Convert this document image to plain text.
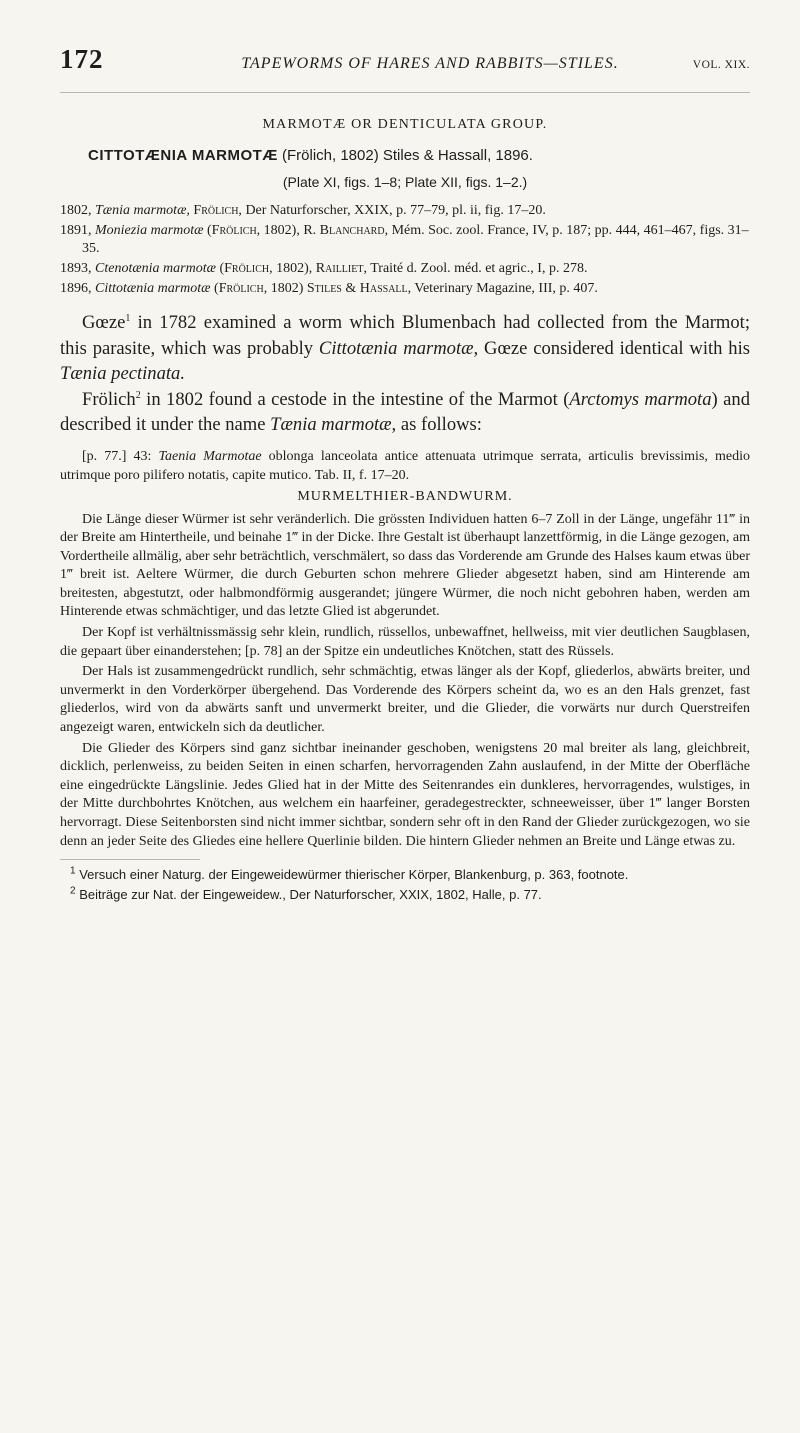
172	TAPEWORMS OF HARES AND RABBITS—STILES.	VOL. XIX.
MARMOTÆ OR DENTICULATA GROUP.
CITTOTÆNIA MARMOTÆ (Frölich, 1802) Stiles & Hassall, 1896.
(Plate XI, figs. 1–8; Plate XII, figs. 1–2.)

1802, Tænia marmotæ, Frölich, Der Naturforscher, XXIX, p. 77–79, pl. ii, fig. 17–20.

1891, Moniezia marmotæ (Frölich, 1802), R. Blanchard, Mém. Soc. zool. France, IV, p. 187; pp. 444, 461–467, figs. 31–35.

1893, Ctenotænia marmotæ (Frölich, 1802), Railliet, Traité d. Zool. méd. et agric., I, p. 278.

1896, Cittotænia marmotæ (Frölich, 1802) Stiles & Hassall, Veterinary Magazine, III, p. 407.

Gœze$^1$ in 1782 examined a worm which Blumenbach had collected from the Marmot; this parasite, which was probably Cittotænia marmotæ, Gœze considered identical with his Tænia pectinata.
Frölich$^2$ in 1802 found a cestode in the intestine of the Marmot (Arctomys marmota) and described it under the name Tænia marmotæ, as follows:

[p. 77.] 43: Taenia Marmotae oblonga lanceolata antice attenuata utrimque serrata, articulis brevissimis, medio utrimque poro pilifero notatis, capite mutico. Tab. II, f. 17–20.

MURMELTHIER-BANDWURM.

Die Länge dieser Würmer ist sehr veränderlich. Die grössten Individuen hatten 6–7 Zoll in der Länge, ungefähr 11‴ in der Breite am Hintertheile, und beinahe 1‴ in der Dicke. Ihre Gestalt ist überhaupt lanzettförmig, in die Länge gezogen, am Vordertheile allmälig, aber sehr beträchtlich, verschmälert, so dass das Vorderende am Grunde des Halses kaum etwas über 1‴ breit ist. Aeltere Würmer, die durch Geburten schon mehrere Glieder abgesetzt haben, sind am Hinterende am breitesten, abgestutzt, oder halbmondförmig ausgerandet; jüngere Würmer, die noch nicht gebohren haben, werden am Hinterende etwas schmächtiger, und das letzte Glied ist abgerundet.

Der Kopf ist verhältnissmässig sehr klein, rundlich, rüssellos, unbewaffnet, hellweiss, mit vier deutlichen Saugblasen, die gepaart über einanderstehen; [p. 78] an der Spitze ein undeutliches Knötchen, statt des Rüssels.

Der Hals ist zusammengedrückt rundlich, sehr schmächtig, etwas länger als der Kopf, gliederlos, abwärts breiter, und unvermerkt in den Vorderkörper übergehend. Das Vorderende des Körpers scheint da, wo es an den Hals grenzet, fast gliederlos, wird von da abwärts sanft und unvermerkt breiter, und die Glieder, die vorwärts nur durch Querstreifen angezeigt waren, entwickeln sich da deutlicher.

Die Glieder des Körpers sind ganz sichtbar ineinander geschoben, wenigstens 20 mal breiter als lang, gleichbreit, dicklich, perlenweiss, zu beiden Seiten in einen scharfen, hervorragenden Zahn auslaufend, in der Mitte der Oberfläche eine eingedrückte Längslinie. Jedes Glied hat in der Mitte des Seitenrandes ein dunkleres, hervorragendes, wulstiges, in der Mitte durchbohrtes Knötchen, aus welchem ein haarfeiner, geradegestreckter, schneeweisser, über 1‴ langer Borsten hervorragt. Diese Seitenborsten sind nicht immer sichtbar, sondern sehr oft in den Rand der Glieder zurückgezogen, wo sie denn an jeder Seite des Gliedes eine hellere Querlinie bilden. Die hintern Glieder nehmen an Breite und Länge etwas zu.

$^1$ Versuch einer Naturg. der Eingeweidewürmer thierischer Körper, Blankenburg, p. 363, footnote.

$^2$ Beiträge zur Nat. der Eingeweidew., Der Naturforscher, XXIX, 1802, Halle, p. 77.
